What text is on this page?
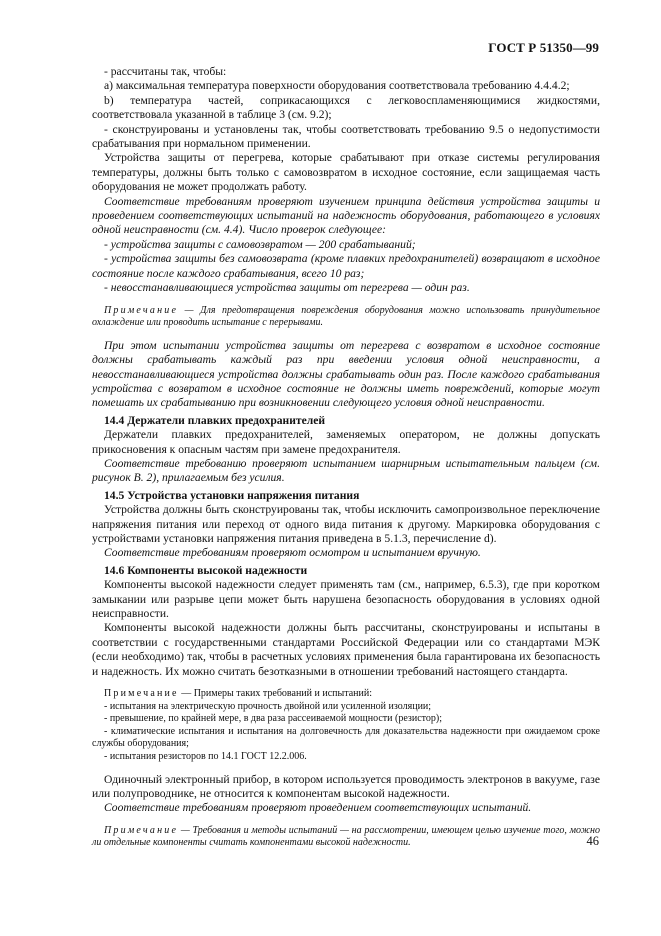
ГОСТ Р 51350—99

- рассчитаны так, чтобы:

а) максимальная температура поверхности оборудования соответствовала требованию 4.4.4.2;

b) температура частей, соприкасающихся с легковоспламеняющимися жидкостями, соответствовала указанной в таблице 3 (см. 9.2);

- сконструированы и установлены так, чтобы соответствовать требованию 9.5 о недопустимости срабатывания при нормальном применении.

Устройства защиты от перегрева, которые срабатывают при отказе системы регулирования температуры, должны быть только с самовозвратом в исходное состояние, если защищаемая часть оборудования не может продолжать работу.

Соответствие требованиям проверяют изучением принципа действия устройства защиты и проведением соответствующих испытаний на надежность оборудования, работающего в условиях одной неисправности (см. 4.4). Число проверок следующее:

- устройства защиты с самовозвратом — 200 срабатываний;

- устройства защиты без самовозврата (кроме плавких предохранителей) возвращают в исходное состояние после каждого срабатывания, всего 10 раз;

- невосстанавливающиеся устройства защиты от перегрева — один раз.

Примечание — Для предотвращения повреждения оборудования можно использовать принудительное охлаждение или проводить испытание с перерывами.

При этом испытании устройства защиты от перегрева с возвратом в исходное состояние должны срабатывать каждый раз при введении условия одной неисправности, а невосстанавливающиеся устройства должны срабатывать один раз. После каждого срабатывания устройства с возвратом в исходное состояние не должны иметь повреждений, которые могут помешать их срабатыванию при возникновении следующего условия одной неисправности.

14.4 Держатели плавких предохранителей

Держатели плавких предохранителей, заменяемых оператором, не должны допускать прикосновения к опасным частям при замене предохранителя.

Соответствие требованию проверяют испытанием шарнирным испытательным пальцем (см. рисунок В. 2), прилагаемым без усилия.

14.5 Устройства установки напряжения питания

Устройства должны быть сконструированы так, чтобы исключить самопроизвольное переключение напряжения питания или переход от одного вида питания к другому. Маркировка оборудования с устройствами установки напряжения питания приведена в 5.1.3, перечисление d).

Соответствие требованиям проверяют осмотром и испытанием вручную.

14.6 Компоненты высокой надежности

Компоненты высокой надежности следует применять там (см., например, 6.5.3), где при коротком замыкании или разрыве цепи может быть нарушена безопасность оборудования в условиях одной неисправности.

Компоненты высокой надежности должны быть рассчитаны, сконструированы и испытаны в соответствии с государственными стандартами Российской Федерации или со стандартами МЭК (если необходимо) так, чтобы в расчетных условиях применения была гарантирована их безопасность и надежность. Их можно считать безотказными в отношении требований настоящего стандарта.

Примечание — Примеры таких требований и испытаний:

- испытания на электрическую прочность двойной или усиленной изоляции;

- превышение, по крайней мере, в два раза рассеиваемой мощности (резистор);

- климатические испытания и испытания на долговечность для доказательства надежности при ожидаемом сроке службы оборудования;

- испытания резисторов по 14.1 ГОСТ 12.2.006.

Одиночный электронный прибор, в котором используется проводимость электронов в вакууме, газе или полупроводнике, не относится к компонентам высокой надежности.

Соответствие требованиям проверяют проведением соответствующих испытаний.

Примечание — Требования и методы испытаний — на рассмотрении, имеющем целью изучение того, можно ли отдельные компоненты считать компонентами высокой надежности.	46
